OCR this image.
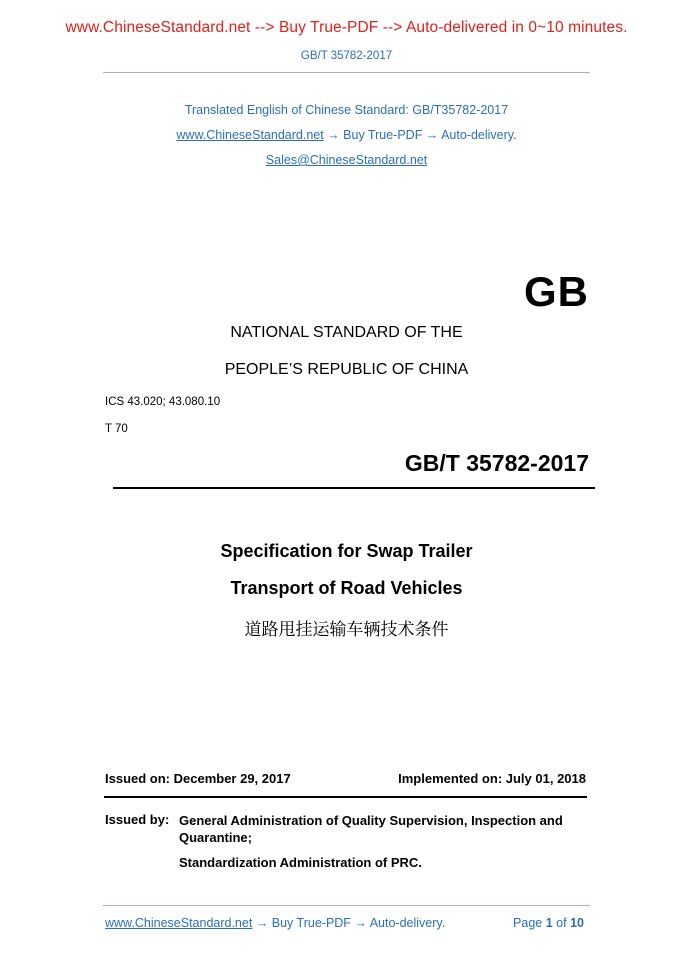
www.ChineseStandard.net --> Buy True-PDF --> Auto-delivered in 0~10 minutes.
GB/T 35782-2017
Translated English of Chinese Standard: GB/T35782-2017
www.ChineseStandard.net → Buy True-PDF → Auto-delivery.
Sales@ChineseStandard.net
GB
NATIONAL STANDARD OF THE
PEOPLE’S REPUBLIC OF CHINA
ICS 43.020; 43.080.10
T 70
GB/T 35782-2017
Specification for Swap Trailer
Transport of Road Vehicles
道路甩挂运输车辆技术条件
Issued on: December 29, 2017	Implemented on: July 01, 2018
Issued by: General Administration of Quality Supervision, Inspection and Quarantine;
Standardization Administration of PRC.
www.ChineseStandard.net → Buy True-PDF → Auto-delivery.	Page 1 of 10
